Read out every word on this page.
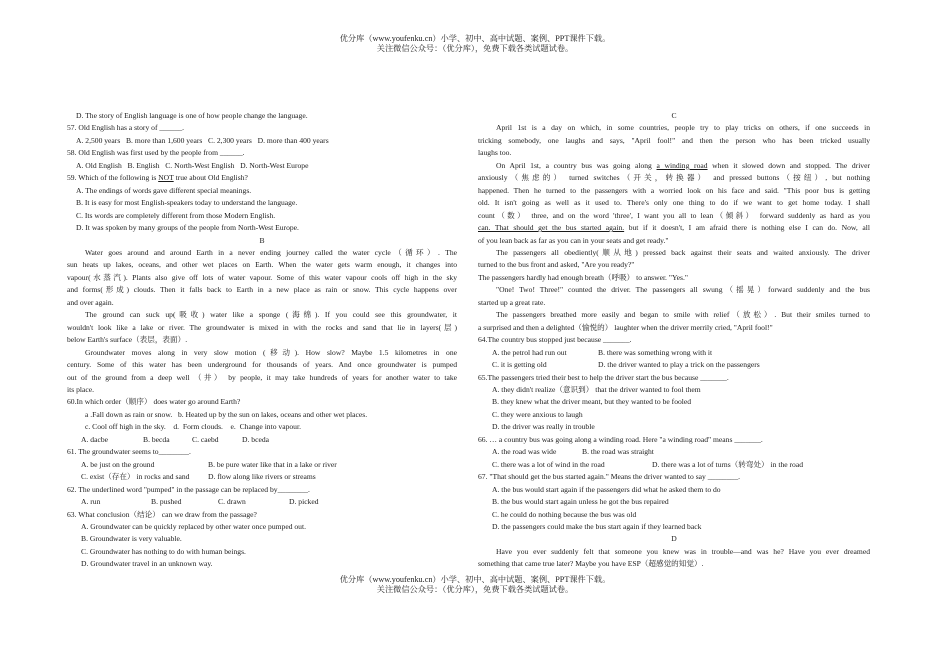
优分库（www.youfenku.cn）小学、初中、高中试题、案例、PPT课件下载。
关注微信公众号：（优分库），免费下载各类试题试卷。
D. The story of English language is one of how people change the language.
57. Old English has a story of ______.
A. 2,500 years   B. more than 1,600 years   C. 2,300 years   D. more than 400 years
58. Old English was first used by the people from ______.
A. Old English   B. English   C. North-West English   D. North-West Europe
59. Which of the following is NOT true about Old English?
A. The endings of words gave different special meanings.
B. It is easy for most English-speakers today to understand the language.
C. Its words are completely different from those Modern English.
D. It was spoken by many groups of the people from North-West Europe.
B
Water goes around and around Earth in a never ending journey called the water cycle（循环）. The
sun heats up lakes, oceans, and other wet places on Earth. When the water gets warm enough, it changes into
vapour(水蒸汽). Plants also give off lots of water vapour. Some of this water vapour cools off high in the sky
and forms(形成) clouds. Then it falls back to Earth in a new place as rain or snow. This cycle happens over
and over again.
The ground can suck up(吸收) water like a sponge (海绵). If you could see this groundwater, it
wouldn't look like a lake or river. The groundwater is mixed in with the rocks and sand that lie in layers(层)
below Earth's surface（表层，表面）.
Groundwater moves along in very slow motion (移动). How slow? Maybe 1.5 kilometres in one
century. Some of this water has been underground for thousands of years. And once groundwater is pumped
out of the ground from a deep well （井） by people, it may take hundreds of years for another water to take
its place.
60.In which order（顺序） does water go around Earth?
a .Fall down as rain or snow.   b. Heated up by the sun on lakes, oceans and other wet places.
c. Cool off high in the sky.    d.  Form clouds.    e.  Change into vapour.
A. dacbe	B. becda	C. caebd	D. bceda
61. The groundwater seems to________.
A. be just on the ground	B. be pure water like that in a lake or river
C. exist（存在） in rocks and sand D. flow along like rivers or streams
62. The underlined word "pumped" in the passage can be replaced by________.
A. run	B. pushed	C. drawn	D. picked
63. What conclusion（结论） can we draw from the passage?
A. Groundwater can be quickly replaced by other water once pumped out.
B. Groundwater is very valuable.
C. Groundwater has nothing to do with human beings.
D. Groundwater travel in an unknown way.
C
April 1st is a day on which, in some countries, people try to play tricks on others, if one succeeds in
tricking somebody, one laughs and says, "April fool!" and then the person who has been tricked usually
laughs too.
On April 1st, a country bus was going along a winding road when it slowed down and stopped. The driver
anxiously（焦虑的） turned switches（开关，转换器） and pressed buttons（按纽）, but nothing
happened. Then he turned to the passengers with a worried look on his face and said. "This poor bus is getting
old. It isn't going as well as it used to. There's only one thing to do if we want to get home today. I shall
count（数） three, and on the word 'three', I want you all to lean（倾斜） forward suddenly as hard as you
can. That should get the bus started again. but if it doesn't, I am afraid there is nothing else I can do. Now, all
of you lean back as far as you can in your seats and get ready."
The passengers all obediently(顺从地) pressed back against their seats and waited anxiously. The driver
turned to the bus front and asked, "Are you ready?"
The passengers hardly had enough breath（呼吸） to answer. "Yes."
"One! Two! Three!" counted the driver. The passengers all swung（摇晃）forward suddenly and the bus
started up a great rate.
The passengers breathed more easily and began to smile with relief（放松）. But their smiles turned to
a surprised and then a delighted（愉悦的） laughter when the driver merrily cried, "April fool!"
64.The country bus stopped just because _______.
A. the petrol had run out	B. there was something wrong with it
C. it is getting old	D. the driver wanted to play a trick on the passengers
65.The passengers tried their best to help the driver start the bus because _______.
A. they didn't realize（意识到） that the driver wanted to fool them
B. they knew what the driver meant, but they wanted to be fooled
C. they were anxious to laugh
D. the driver was really in trouble
66. … a country bus was going along a winding road. Here "a winding road" means _______.
A. the road was wide	B. the road was straight
C. there was a lot of wind in the road	D. there was a lot of turns（转弯处） in the road
67. "That should get the bus started again." Means the driver wanted to say ________.
A. the bus would start again if the passengers did what he asked them to do
B. the bus would start again unless he got the bus repaired
C. he could do nothing because the bus was old
D. the passengers could make the bus start again if they learned back
D
Have you ever suddenly felt that someone you knew was in trouble—and was he? Have you ever dreamed
something that came true later? Maybe you have ESP（超感觉的知觉）.
优分库（www.youfenku.cn）小学、初中、高中试题、案例、PPT课件下载。
关注微信公众号：（优分库），免费下载各类试题试卷。
